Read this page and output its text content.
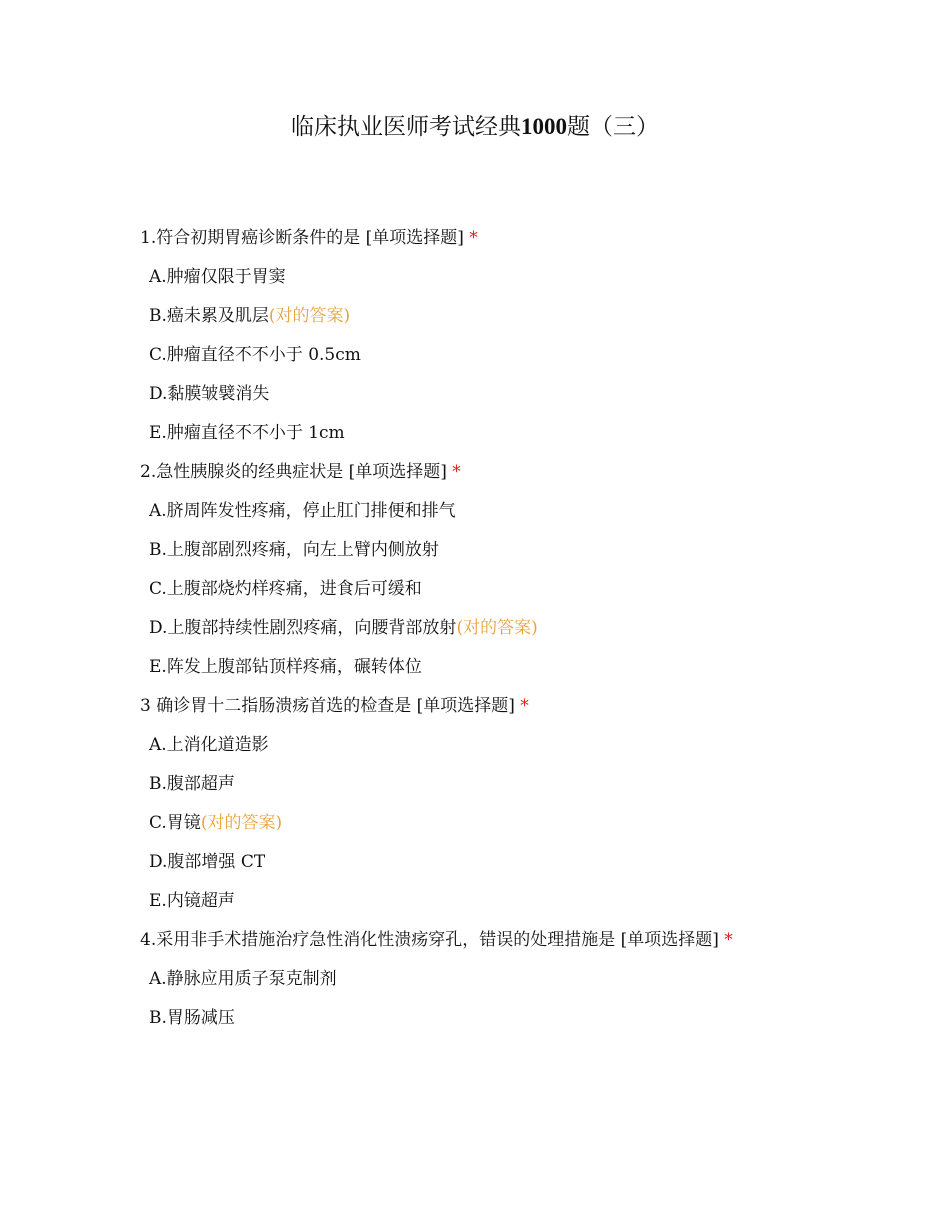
临床执业医师考试经典1000题（三）
1.符合初期胃癌诊断条件的是 [单项选择题] *
A.肿瘤仅限于胃窦
B.癌未累及肌层(对的答案)
C.肿瘤直径不不小于 0.5cm
D.黏膜皱襞消失
E.肿瘤直径不不小于 1cm
2.急性胰腺炎的经典症状是 [单项选择题] *
A.脐周阵发性疼痛，停止肛门排便和排气
B.上腹部剧烈疼痛，向左上臂内侧放射
C.上腹部烧灼样疼痛，进食后可缓和
D.上腹部持续性剧烈疼痛，向腰背部放射(对的答案)
E.阵发上腹部钻顶样疼痛，碾转体位
3 确诊胃十二指肠溃疡首选的检查是 [单项选择题] *
A.上消化道造影
B.腹部超声
C.胃镜(对的答案)
D.腹部增强 CT
E.内镜超声
4.采用非手术措施治疗急性消化性溃疡穿孔，错误的处理措施是 [单项选择题] *
A.静脉应用质子泵克制剂
B.胃肠减压
